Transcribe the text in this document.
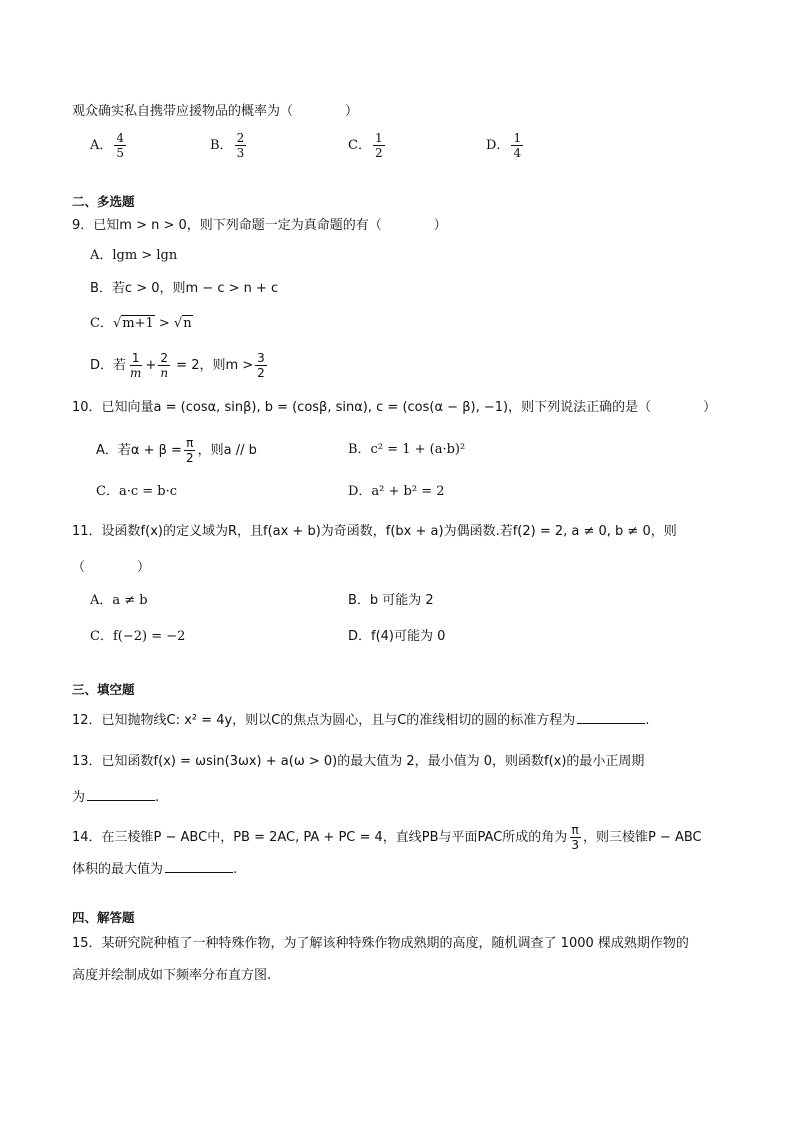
观众确实私自携带应援物品的概率为（　　　　）
A． $\frac{4}{5}$	B． $\frac{2}{3}$	C． $\frac{1}{2}$	D． $\frac{1}{4}$
二、多选题
9．已知m > n > 0，则下列命题一定为真命题的有（　　　　）
A．lgm > lgn
B．若c > 0，则m − c > n + c
C．√m+1 > √n
D．若 $\frac{1}{m} + \frac{2}{n} = 2$，则$m > \frac{3}{2}$
10．已知向量a = (cosα, sinβ), b = (cosβ, sinα), c = (cos(α − β), −1)，则下列说法正确的是（　　　　）
A．若$\alpha + \beta = \frac{\pi}{2}$ ，则a // b	B．c² = 1 + (a·b)²
C．a·c = b·c	D．a² + b² = 2
11．设函数f(x)的定义域为R，且f(ax + b)为奇函数，f(bx + a)为偶函数.若f(2) = 2, a ≠ 0, b ≠ 0，则
（　　　　）
A．a ≠ b	B．b 可能为 2
C．f(−2) = −2	D．f(4)可能为 0
三、填空题
12．已知抛物线C: x² = 4y，则以C的焦点为圆心，且与C的准线相切的圆的标准方程为	.
13．已知函数f(x) = ωsin(3ωx) + a(ω > 0)的最大值为 2，最小值为 0，则函数f(x)的最小正周期
为	.
14．在三棱锥P − ABC中，PB = 2AC, PA + PC = 4，直线PB与平面PAC所成的角为 $\frac{\pi}{3}$ ，则三棱锥P − ABC
体积的最大值为	.
四、解答题
15．某研究院种植了一种特殊作物，为了解该种特殊作物成熟期的高度，随机调查了 1000 棵成熟期作物的
高度并绘制成如下频率分布直方图.
